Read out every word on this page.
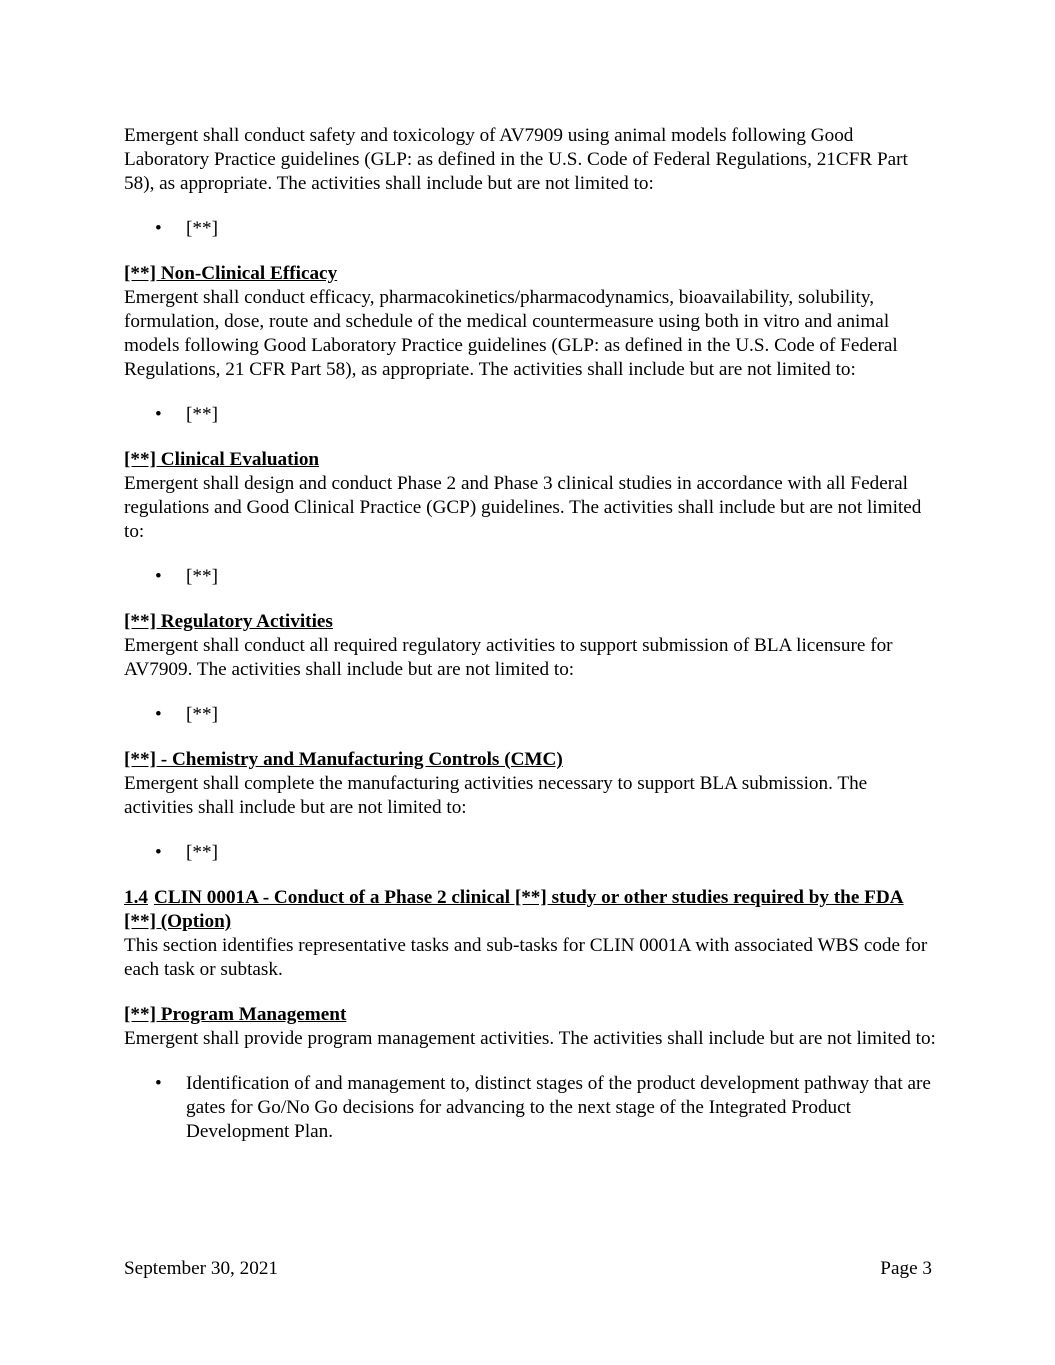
Emergent shall conduct safety and toxicology of AV7909 using animal models following Good Laboratory Practice guidelines (GLP: as defined in the U.S. Code of Federal Regulations, 21CFR Part 58), as appropriate. The activities shall include but are not limited to:

• [**]

[**] Non-Clinical Efficacy

Emergent shall conduct efficacy, pharmacokinetics/pharmacodynamics, bioavailability, solubility, formulation, dose, route and schedule of the medical countermeasure using both in vitro and animal models following Good Laboratory Practice guidelines (GLP: as defined in the U.S. Code of Federal Regulations, 21 CFR Part 58), as appropriate. The activities shall include but are not limited to:

• [**]

[**] Clinical Evaluation

Emergent shall design and conduct Phase 2 and Phase 3 clinical studies in accordance with all Federal regulations and Good Clinical Practice (GCP) guidelines. The activities shall include but are not limited to:

• [**]

[**] Regulatory Activities

Emergent shall conduct all required regulatory activities to support submission of BLA licensure for AV7909. The activities shall include but are not limited to:

• [**]

[**] - Chemistry and Manufacturing Controls (CMC)

Emergent shall complete the manufacturing activities necessary to support BLA submission. The activities shall include but are not limited to:

• [**]

1.4 CLIN 0001A - Conduct of a Phase 2 clinical [**] study or other studies required by the FDA [**] (Option)

This section identifies representative tasks and sub-tasks for CLIN 0001A with associated WBS code for each task or subtask.

[**] Program Management

Emergent shall provide program management activities. The activities shall include but are not limited to:

• Identification of and management to, distinct stages of the product development pathway that are gates for Go/No Go decisions for advancing to the next stage of the Integrated Product Development Plan.
September 30, 2021	Page 3
